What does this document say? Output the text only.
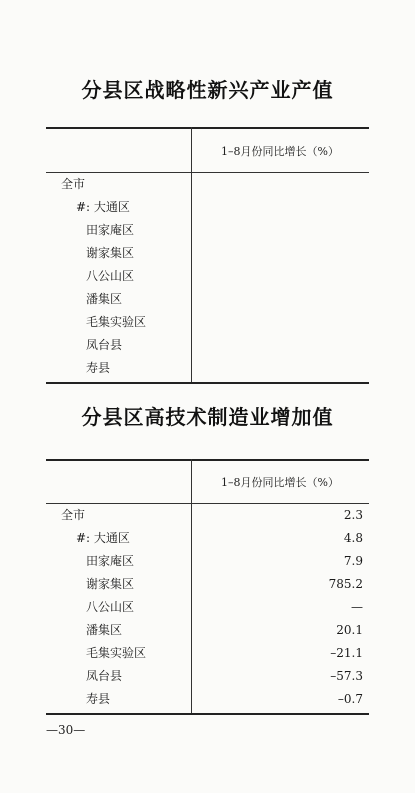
分县区战略性新兴产业产值
1–8月份同比增长（%）
全市
#: 大通区
田家庵区
谢家集区
八公山区
潘集区
毛集实验区
凤台县
寿县
分县区高技术制造业增加值
1–8月份同比增长（%）
全市	2.3
#: 大通区	4.8
田家庵区	7.9
谢家集区	785.2
八公山区	—
潘集区	20.1
毛集实验区	–21.1
凤台县	–57.3
寿县	–0.7
—30—
